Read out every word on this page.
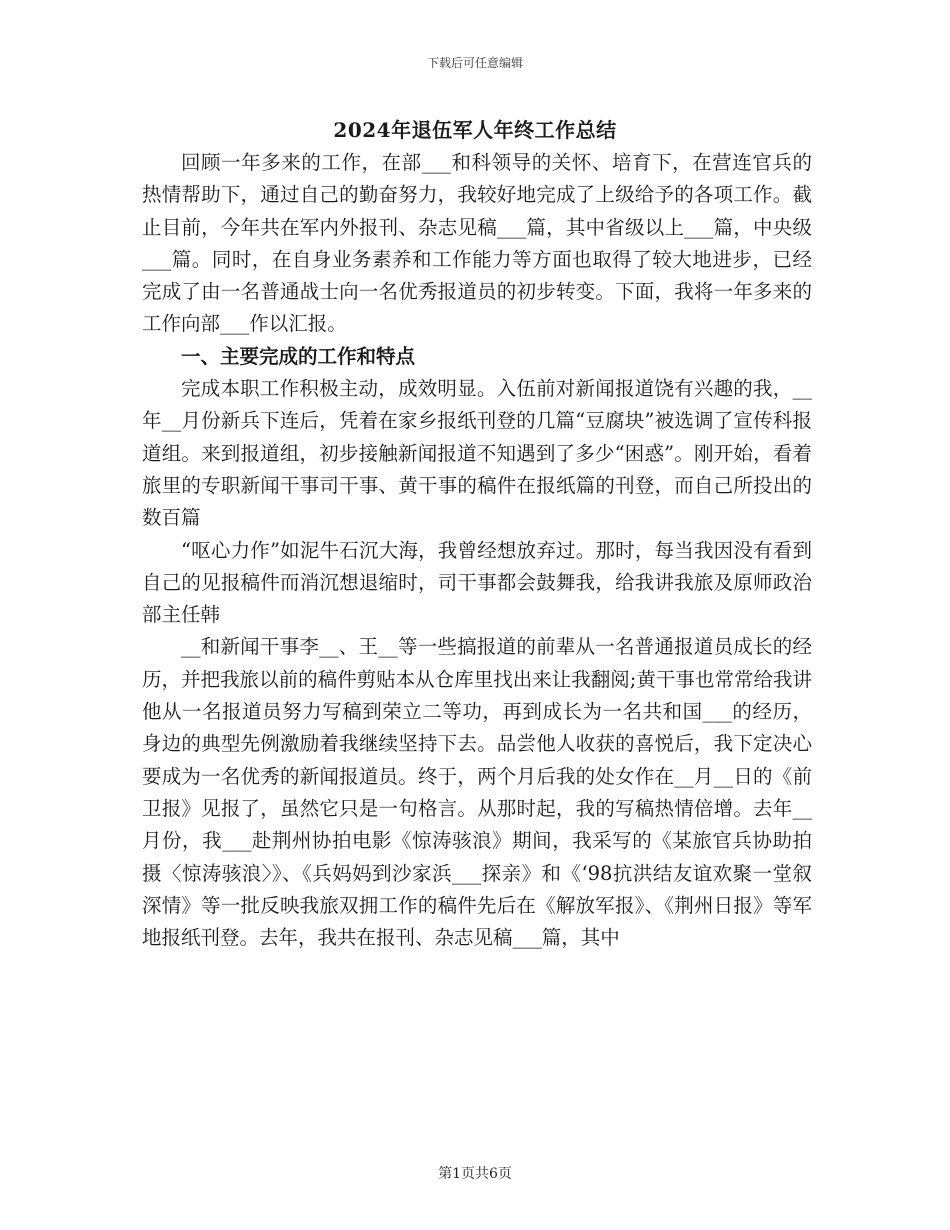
下载后可任意编辑
2024年退伍军人年终工作总结

回顾一年多来的工作，在部___和科领导的关怀、培育下，在营连官兵的热情帮助下，通过自己的勤奋努力，我较好地完成了上级给予的各项工作。截止目前，今年共在军内外报刊、杂志见稿___篇，其中省级以上___篇，中央级___篇。同时，在自身业务素养和工作能力等方面也取得了较大地进步，已经完成了由一名普通战士向一名优秀报道员的初步转变。下面，我将一年多来的工作向部___作以汇报。

一、主要完成的工作和特点

完成本职工作积极主动，成效明显。入伍前对新闻报道饶有兴趣的我，__年__月份新兵下连后，凭着在家乡报纸刊登的几篇“豆腐块”被选调了宣传科报道组。来到报道组，初步接触新闻报道不知遇到了多少“困惑”。刚开始，看着旅里的专职新闻干事司干事、黄干事的稿件在报纸篇的刊登，而自己所投出的数百篇

“呕心力作”如泥牛石沉大海，我曾经想放弃过。那时，每当我因没有看到自己的见报稿件而消沉想退缩时，司干事都会鼓舞我，给我讲我旅及原师政治部主任韩

__和新闻干事李__、王__等一些搞报道的前辈从一名普通报道员成长的经历，并把我旅以前的稿件剪贴本从仓库里找出来让我翻阅;黄干事也常常给我讲他从一名报道员努力写稿到荣立二等功，再到成长为一名共和国___的经历，身边的典型先例激励着我继续坚持下去。品尝他人收获的喜悦后，我下定决心要成为一名优秀的新闻报道员。终于，两个月后我的处女作在__月__日的《前卫报》见报了，虽然它只是一句格言。从那时起，我的写稿热情倍增。去年__月份，我___赴荆州协拍电影《惊涛骇浪》期间，我采写的《某旅官兵协助拍摄〈惊涛骇浪〉》、《兵妈妈到沙家浜___探亲》和《‘98抗洪结友谊欢聚一堂叙深情》等一批反映我旅双拥工作的稿件先后在《解放军报》、《荆州日报》等军地报纸刊登。去年，我共在报刊、杂志见稿___篇，其中

第1页共6页
